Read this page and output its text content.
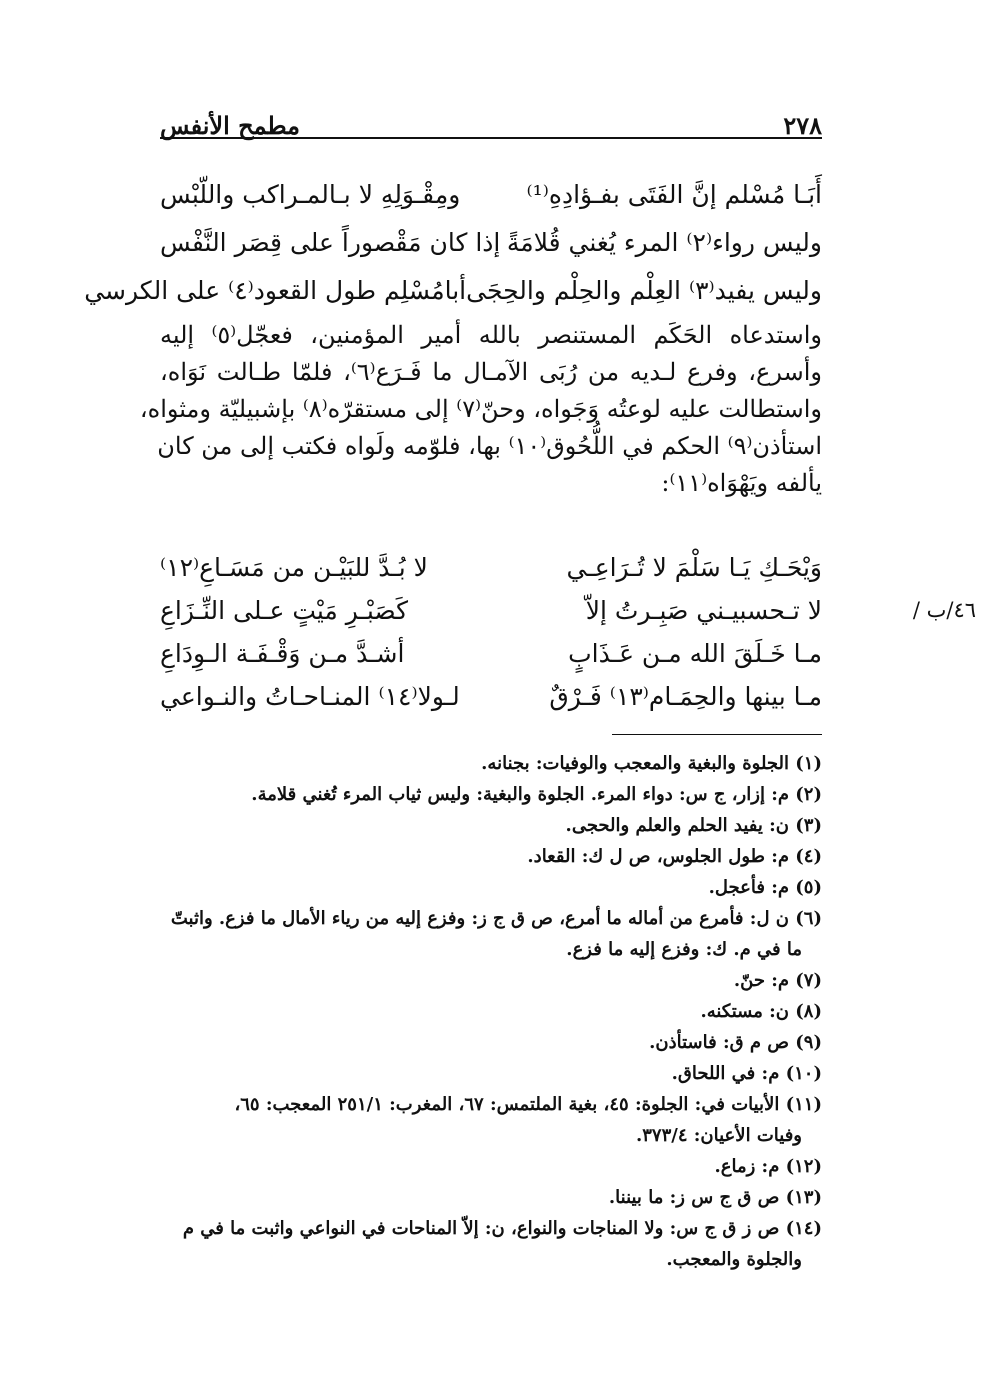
٢٧٨
مطمح الأنفس
أَبَـا مُسْلم إنَّ الفَتَى بفـؤادِهِ⁽¹⁾
ومِقْـوَلِهِ لا بـالمـراكب واللّبْس
وليس رواء⁽٢⁾ المرء يُغني قُلامَةً
إذا كان مَقْصوراً على قِصَر النَّفْس
وليس يفيد⁽٣⁾ العِلْم والحِلْم والحِجَى
أبامُسْلِم طول القعود⁽٤⁾ على الكرسي
واستدعاه الحَكَم المستنصر بالله أمير المؤمنين، فعجّل⁽٥⁾ إليه
وأسرع، وفرع لـديه من رُبَى الآمـال ما فَـرَع⁽٦⁾، فلمّا طـالت نَوَاه،
واستطالت عليه لوعتُه وَجَواه، وحنّ⁽٧⁾ إلى مستقرّه⁽٨⁾ بإشبيليّة ومثواه،
استأذن⁽٩⁾ الحكم في اللُّحُوق⁽١٠⁾ بها، فلوّمه ولَواه فكتب إلى من كان
يألفه ويَهْوَاه⁽١١⁾:
وَيْحَـكِ يَـا سَلْمَ لا تُـرَاعِـي
لا بُـدَّ للبَيْـن من مَسَـاعِ⁽١٢⁾
لا تـحسبيـني صَبِـرتُ إلاّ
كَصَبْـرِ مَيْتٍ عـلى النِّـزَاعِ
مـا خَـلَقَ الله مـن عَـذَابٍ
أشـدَّ مـن وَقْـفَـة الـوِدَاعِ
مـا بينها والحِمَـام⁽١٣⁾ فَـرْقٌ
لـولا⁽١٤⁾ المنـاحـاتُ والنـواعي
٤٦/ب /
(١) الجلوة والبغية والمعجب والوفيات: بجنانه.
(٢) م: إزار، ج س: دواء المرء. الجلوة والبغية: وليس ثياب المرء تُغني قلامة.
(٣) ن: يفيد الحلم والعلم والحجى.
(٤) م: طول الجلوس، ص ل ك: القعاد.
(٥) م: فأعجل.
(٦) ن ل: فأمرع من أماله ما أمرع، ص ق ج ز: وفزع إليه من رياء الأمال ما فزع. واثبتّ
ما في م. ك: وفزع إليه ما فزع.
(٧) م: حنّ.
(٨) ن: مستكنه.
(٩) ص م ق: فاستأذن.
(١٠) م: في اللحاق.
(١١) الأبيات في: الجلوة: ٤٥، بغية الملتمس: ٦٧، المغرب: ٢٥١/١ المعجب: ٦٥،
وفيات الأعيان: ٣٧٣/٤.
(١٢) م: زماع.
(١٣) ص ق ج س ز: ما بيننا.
(١٤) ص ز ق ج س: ولا المناجات والنواع، ن: إلاّ المناحات في النواعي واثبت ما في م
والجلوة والمعجب.
